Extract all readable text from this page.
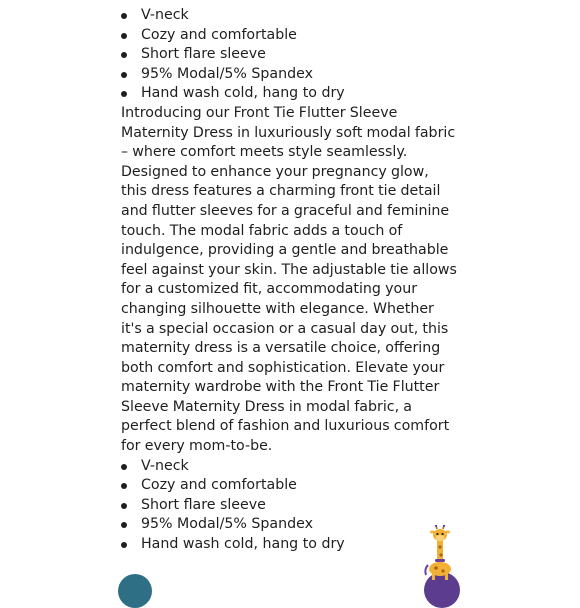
V-neck
Cozy and comfortable
Short flare sleeve
95% Modal/5% Spandex
Hand wash cold, hang to dry

Introducing our Front Tie Flutter Sleeve
Maternity Dress in luxuriously soft modal fabric
– where comfort meets style seamlessly.
Designed to enhance your pregnancy glow,
this dress features a charming front tie detail
and flutter sleeves for a graceful and feminine
touch. The modal fabric adds a touch of
indulgence, providing a gentle and breathable
feel against your skin. The adjustable tie allows
for a customized fit, accommodating your
changing silhouette with elegance. Whether
it's a special occasion or a casual day out, this
maternity dress is a versatile choice, offering
both comfort and sophistication. Elevate your
maternity wardrobe with the Front Tie Flutter
Sleeve Maternity Dress in modal fabric, a
perfect blend of fashion and luxurious comfort
for every mom-to-be.

V-neck
Cozy and comfortable
Short flare sleeve
95% Modal/5% Spandex
Hand wash cold, hang to dry
